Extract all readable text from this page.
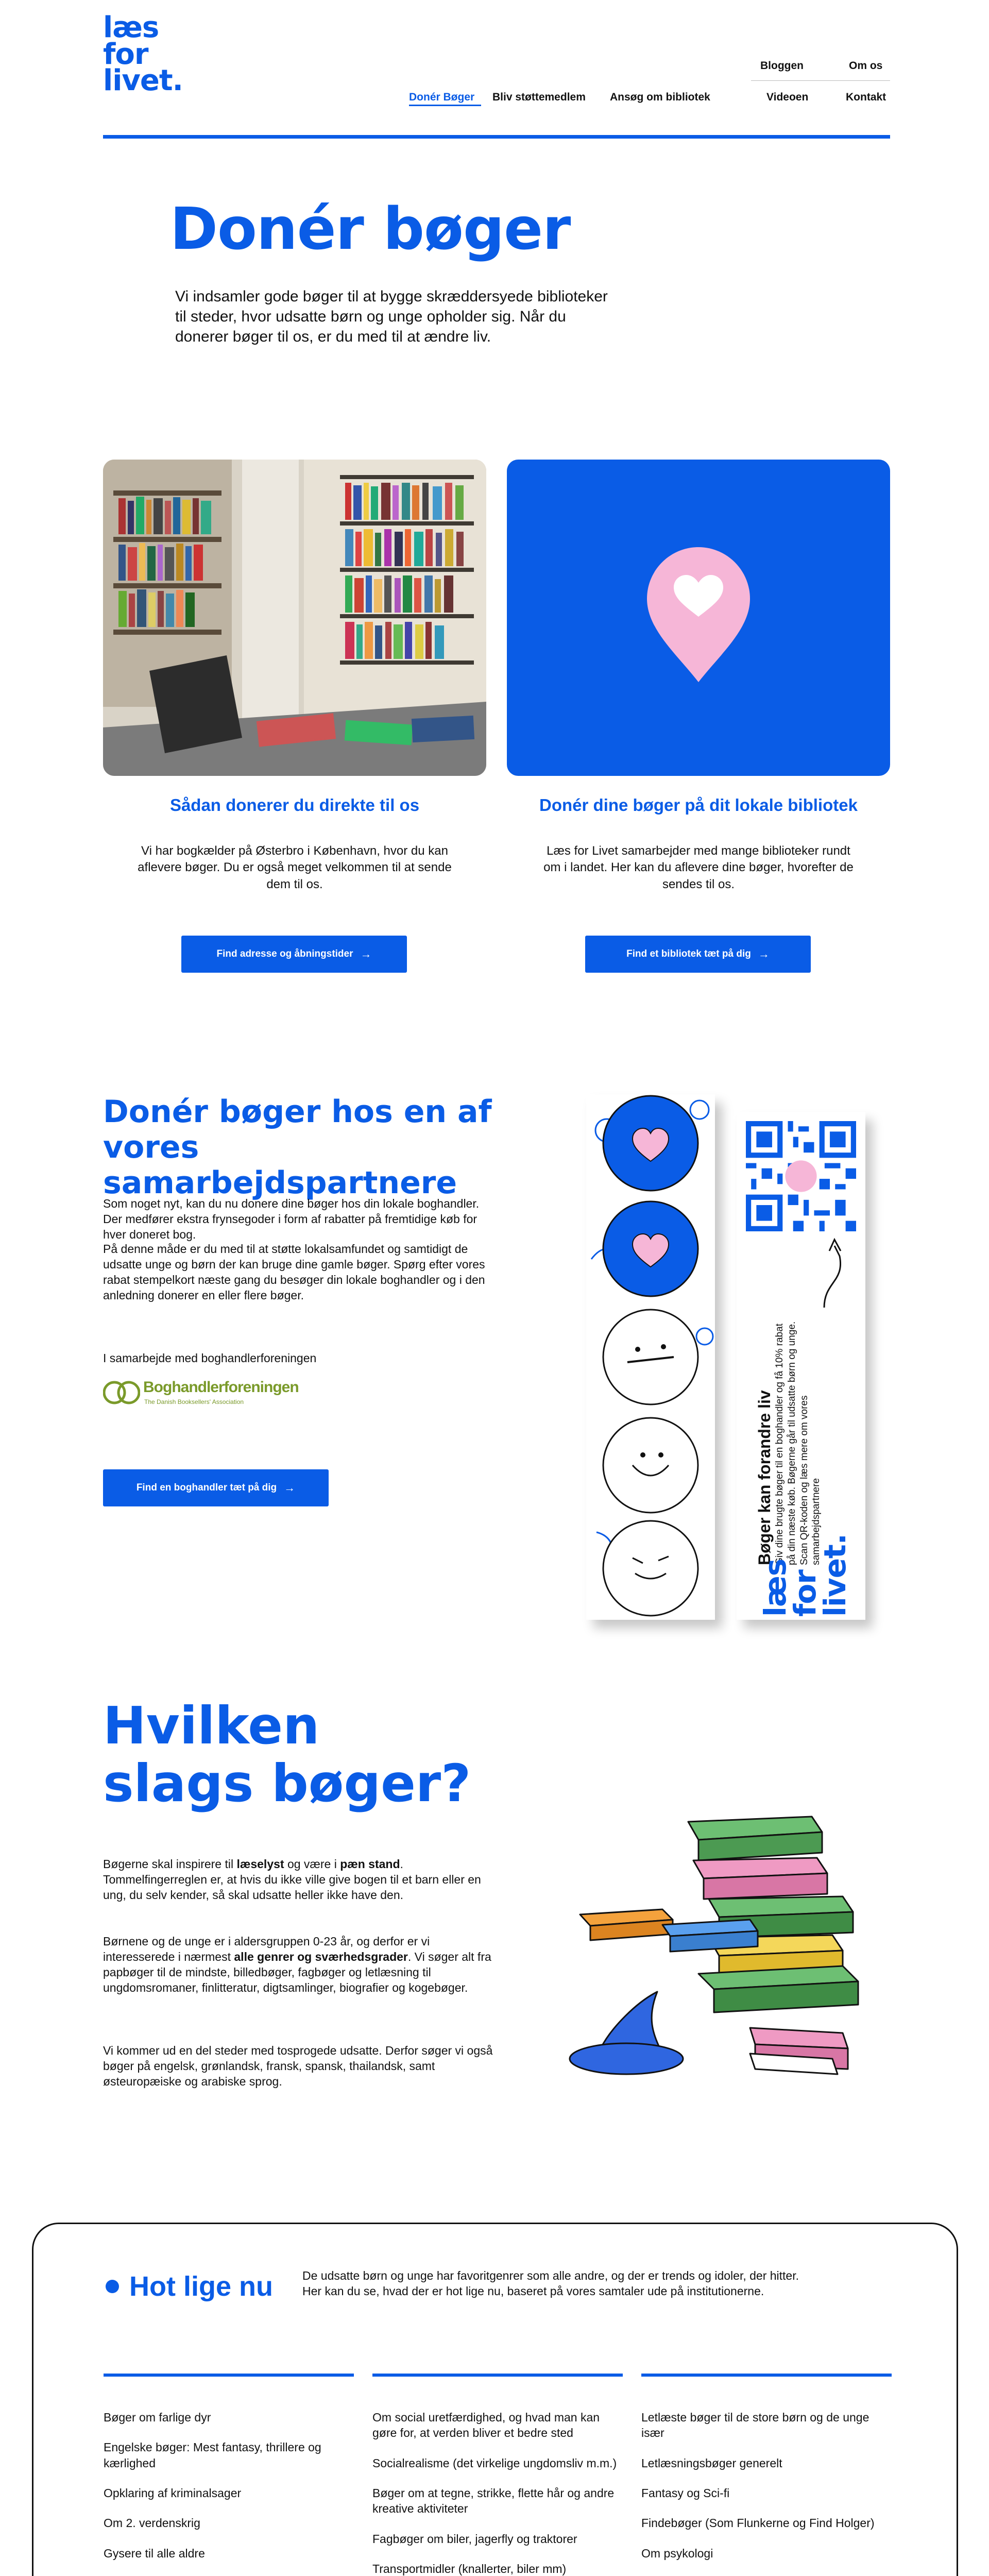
læs
for
livet.	Donér Bøger Bliv støttemedlem Ansøg om bibliotek
Bloggen	Om os
Videoen	Kontakt
Donér bøger

Vi indsamler gode bøger til at bygge skræddersyede biblioteker til steder, hvor udsatte børn og unge opholder sig. Når du donerer bøger til os, er du med til at ændre liv.

Sådan donerer du direkte til os

Vi har bogkælder på Østerbro i København, hvor du kan aflevere bøger. Du er også meget velkommen til at sende dem til os.

Find adresse og åbningstider →
Donér dine bøger på dit lokale bibliotek

Læs for Livet samarbejder med mange biblioteker rundt om i landet. Her kan du aflevere dine bøger, hvorefter de sendes til os.

Find et bibliotek tæt på dig →
Donér bøger hos en af vores samarbejdspartnere

Som noget nyt, kan du nu donere dine bøger hos din lokale boghandler. Der medfører ekstra frynsegoder i form af rabatter på fremtidige køb for hver doneret bog.

På denne måde er du med til at støtte lokalsamfundet og samtidigt de udsatte unge og børn der kan bruge dine gamle bøger. Spørg efter vores rabat stempelkort næste gang du besøger din lokale boghandler og i den anledning donerer en eller flere bøger.

I samarbejde med boghandlerforeningen

Boghandlerforeningen
The Danish Booksellers' Association
Find en boghandler tæt på dig →	Bøger kan forandre liv Giv dine brugte bøger til en boghandler og få 10% rabat på din næste køb. Bøgerne går til udsatte børn og unge. Scan QR-koden og læs mere om vores samarbejdspartnere
læs
for
livet.
Hvilken slags bøger?

Bøgerne skal inspirere til læselyst og være i pæn stand. Tommelfingerreglen er, at hvis du ikke ville give bogen til et barn eller en ung, du selv kender, så skal udsatte heller ikke have den.

Børnene og de unge er i aldersgruppen 0-23 år, og derfor er vi interesserede i nærmest alle genrer og sværhedsgrader. Vi søger alt fra papbøger til de mindste, billedbøger, fagbøger og letlæsning til ungdomsromaner, finlitteratur, digtsamlinger, biografier og kogebøger.

Vi kommer ud en del steder med tosprogede udsatte. Derfor søger vi også bøger på engelsk, grønlandsk, fransk, spansk, thailandsk, samt østeuropæiske og arabiske sprog.

Hot lige nu De udsatte børn og unge har favoritgenrer som alle andre, og der er trends og idoler, der hitter. Her kan du se, hvad der er hot lige nu, baseret på vores samtaler ude på institutionerne.

Bøger om farlige dyr
Engelske bøger: Mest fantasy, thrillere og kærlighed
Opklaring af kriminalsager
Om 2. verdenskrig
Gysere til alle aldre
Om social uretfærdighed, og hvad man kan gøre for, at verden bliver et bedre sted
Socialrealisme (det virkelige ungdomsliv m.m.)
Bøger om at tegne, strikke, flette hår og andre kreative aktiviteter
Fagbøger om biler, jagerfly og traktorer
Transportmidler (knallerter, biler mm)
Letlæste bøger til de store børn og de unge især
Letlæsningsbøger generelt
Fantasy og Sci-fi
Findebøger (Som Flunkerne og Find Holger)
Om psykologi
